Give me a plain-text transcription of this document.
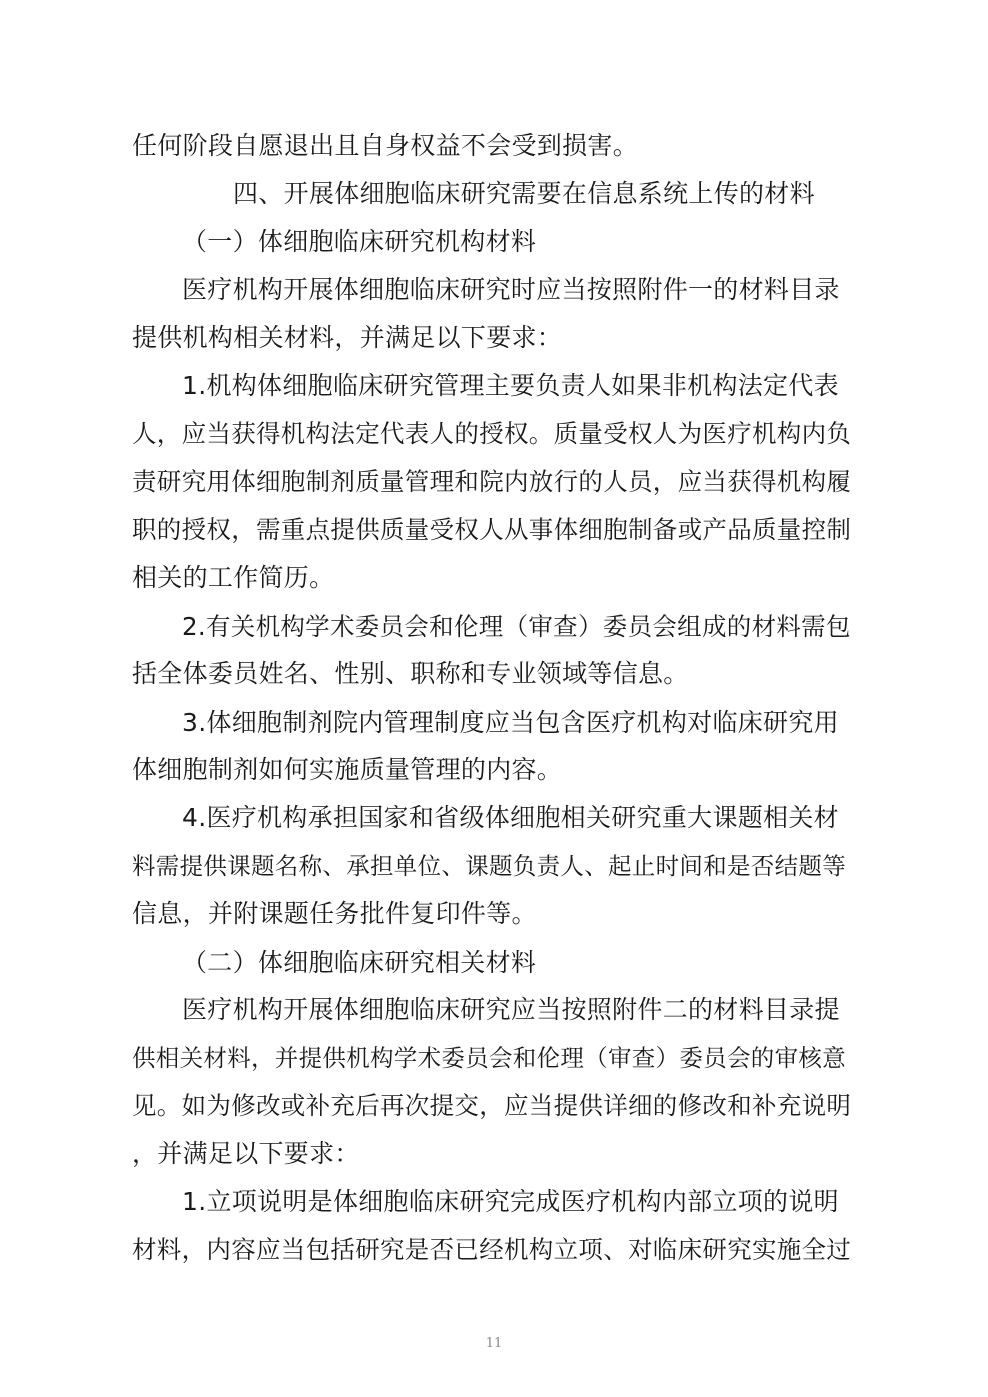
任何阶段自愿退出且自身权益不会受到损害。
四、开展体细胞临床研究需要在信息系统上传的材料
（一）体细胞临床研究机构材料
医疗机构开展体细胞临床研究时应当按照附件一的材料目录
提供机构相关材料，并满足以下要求：
1.机构体细胞临床研究管理主要负责人如果非机构法定代表
人，应当获得机构法定代表人的授权。质量受权人为医疗机构内负
责研究用体细胞制剂质量管理和院内放行的人员，应当获得机构履
职的授权，需重点提供质量受权人从事体细胞制备或产品质量控制
相关的工作简历。
2.有关机构学术委员会和伦理（审查）委员会组成的材料需包
括全体委员姓名、性别、职称和专业领域等信息。
3.体细胞制剂院内管理制度应当包含医疗机构对临床研究用
体细胞制剂如何实施质量管理的内容。
4.医疗机构承担国家和省级体细胞相关研究重大课题相关材
料需提供课题名称、承担单位、课题负责人、起止时间和是否结题等
信息，并附课题任务批件复印件等。
（二）体细胞临床研究相关材料
医疗机构开展体细胞临床研究应当按照附件二的材料目录提
供相关材料，并提供机构学术委员会和伦理（审查）委员会的审核意
见。如为修改或补充后再次提交，应当提供详细的修改和补充说明
，并满足以下要求：
1.立项说明是体细胞临床研究完成医疗机构内部立项的说明
材料，内容应当包括研究是否已经机构立项、对临床研究实施全过
11
